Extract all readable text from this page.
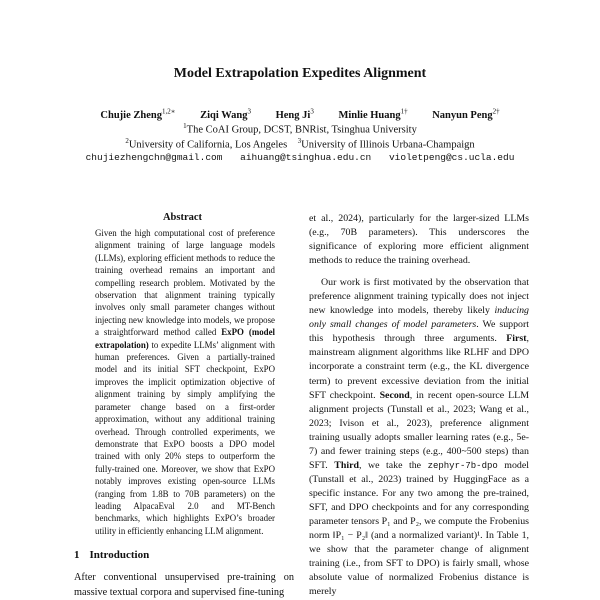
Model Extrapolation Expedites Alignment
Chujie Zheng$^{1,2∗}$ Ziqi Wang$^3$ Heng Ji$^3$ Minlie Huang$^{1\dagger}$ Nanyun Peng$^{2\dagger}$
$^1$The CoAI Group, DCST, BNRist, Tsinghua University
$^2$University of California, Los Angeles $^3$University of Illinois Urbana-Champaign
chujiezhengchn@gmail.com aihuang@tsinghua.edu.cn violetpeng@cs.ucla.edu
Abstract
Given the high computational cost of preference alignment training of large language models (LLMs), exploring efficient methods to reduce the training overhead remains an important and compelling research problem. Motivated by the observation that alignment training typically involves only small parameter changes without injecting new knowledge into models, we propose a straightforward method called ExPO (model extrapolation) to expedite LLMs’ alignment with human preferences. Given a partially-trained model and its initial SFT checkpoint, ExPO improves the implicit optimization objective of alignment training by simply amplifying the parameter change based on a first-order approximation, without any additional training overhead. Through controlled experiments, we demonstrate that ExPO boosts a DPO model trained with only 20% steps to outperform the fully-trained one. Moreover, we show that ExPO notably improves existing open-source LLMs (ranging from 1.8B to 70B parameters) on the leading AlpacaEval 2.0 and MT-Bench benchmarks, which highlights ExPO’s broader utility in efficiently enhancing LLM alignment.
1 Introduction
After conventional unsupervised pre-training on massive textual corpora and supervised fine-tuning

et al., 2024), particularly for the larger-sized LLMs (e.g., 70B parameters). This underscores the significance of exploring more efficient alignment methods to reduce the training overhead.

Our work is first motivated by the observation that preference alignment training typically does not inject new knowledge into models, thereby likely inducing only small changes of model parameters. We support this hypothesis through three arguments. First, mainstream alignment algorithms like RLHF and DPO incorporate a constraint term (e.g., the KL divergence term) to prevent excessive deviation from the initial SFT checkpoint. Second, in recent open-source LLM alignment projects (Tunstall et al., 2023; Wang et al., 2023; Ivison et al., 2023), preference alignment training usually adopts smaller learning rates (e.g., 5e-7) and fewer training steps (e.g., 400~500 steps) than SFT. Third, we take the zephyr-7b-dpo model (Tunstall et al., 2023) trained by HuggingFace as a specific instance. For any two among the pre-trained, SFT, and DPO checkpoints and for any corresponding parameter tensors P₁ and P₂, we compute the Frobenius norm ‖P₁ − P₂‖ (and a normalized variant)¹. In Table 1, we show that the parameter change of alignment training (i.e., from SFT to DPO) is fairly small, whose absolute value of normalized Frobenius distance is merely
